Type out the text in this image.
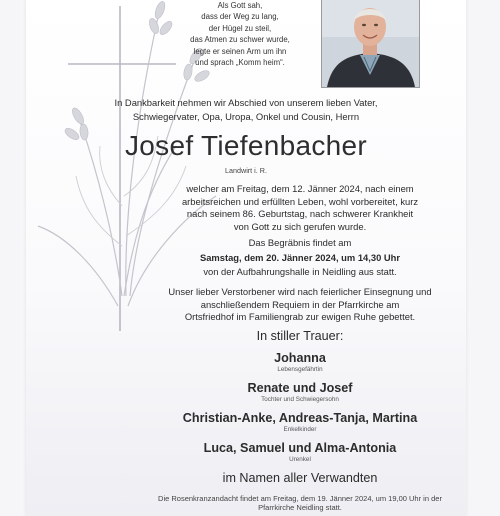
Als Gott sah,
dass der Weg zu lang,
der Hügel zu steil,
das Atmen zu schwer wurde,
legte er seinen Arm um ihn
und sprach „Komm heim“.
In Dankbarkeit nehmen wir Abschied von unserem lieben Vater,
Schwiegervater, Opa, Uropa, Onkel und Cousin, Herrn
Josef Tiefenbacher
Landwirt i. R.
welcher am Freitag, dem 12. Jänner 2024, nach einem
arbeitsreichen und erfüllten Leben, wohl vorbereitet, kurz
nach seinem 86. Geburtstag, nach schwerer Krankheit
von Gott zu sich gerufen wurde.
Das Begräbnis findet am
Samstag, dem 20. Jänner 2024, um 14,30 Uhr
von der Aufbahrungshalle in Neidling aus statt.
Unser lieber Verstorbener wird nach feierlicher Einsegnung und
anschließendem Requiem in der Pfarrkirche am
Ortsfriedhof im Familiengrab zur ewigen Ruhe gebettet.
In stiller Trauer:
Johanna
Lebensgefährtin
Renate und Josef
Tochter und Schwiegersohn
Christian-Anke, Andreas-Tanja, Martina
Enkelkinder
Luca, Samuel und Alma-Antonia
Urenkel
im Namen aller Verwandten
Die Rosenkranzandacht findet am Freitag, dem 19. Jänner 2024, um 19,00 Uhr in der Pfarrkirche Neidling statt.
